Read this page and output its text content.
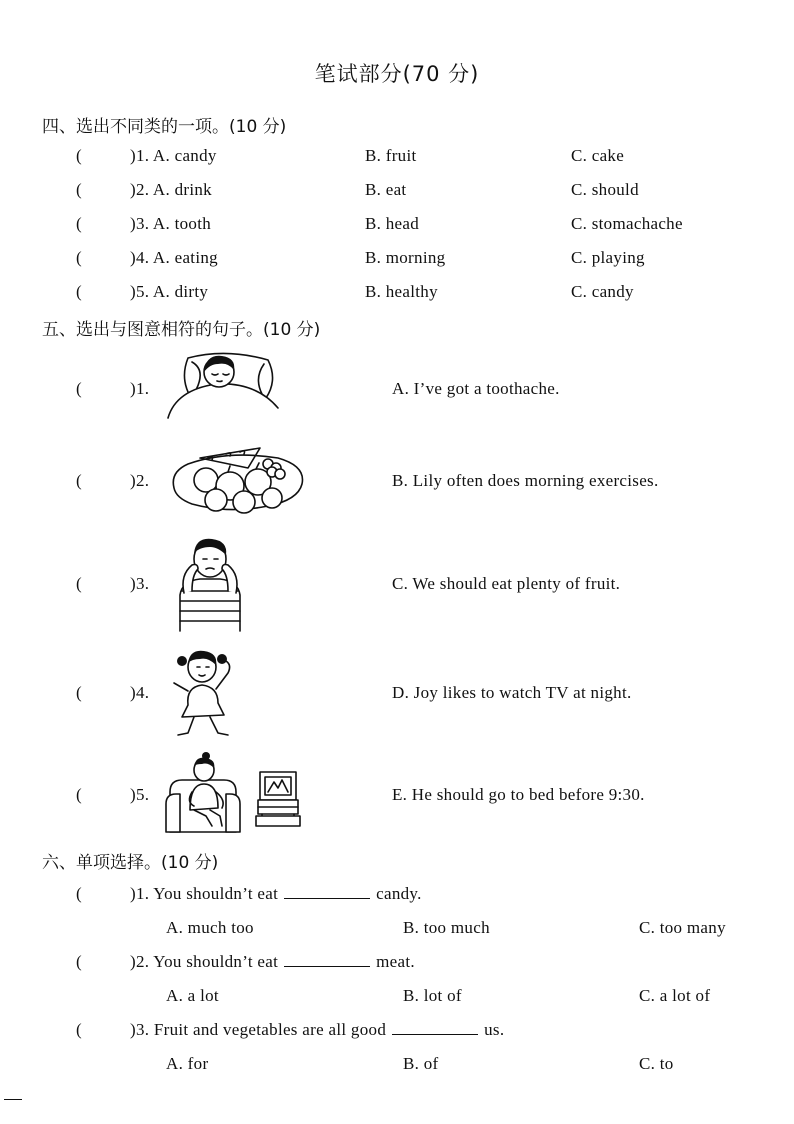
笔试部分(70 分)
四、选出不同类的一项。(10 分)
(	)1. A. candy	B. fruit	C. cake
(	)2. A. drink	B. eat	C. should
(	)3. A. tooth	B. head	C. stomachache
(	)4. A. eating	B. morning	C. playing
(	)5. A. dirty	B. healthy	C. candy
五、选出与图意相符的句子。(10 分)
(	)1.	A. I’ve got a toothache.
(	)2.	B. Lily often does morning exercises.
(	)3.	C. We should eat plenty of fruit.
(	)4.	D. Joy likes to watch TV at night.
(	)5.	E. He should go to bed before 9:30.
六、单项选择。(10 分)
(	)1. You shouldn’t eat	candy.
A. much too	B. too much	C. too many
(	)2. You shouldn’t eat	meat.
A. a lot	B. lot of	C. a lot of
(	)3. Fruit and vegetables are all good	us.
A. for	B. of	C. to
